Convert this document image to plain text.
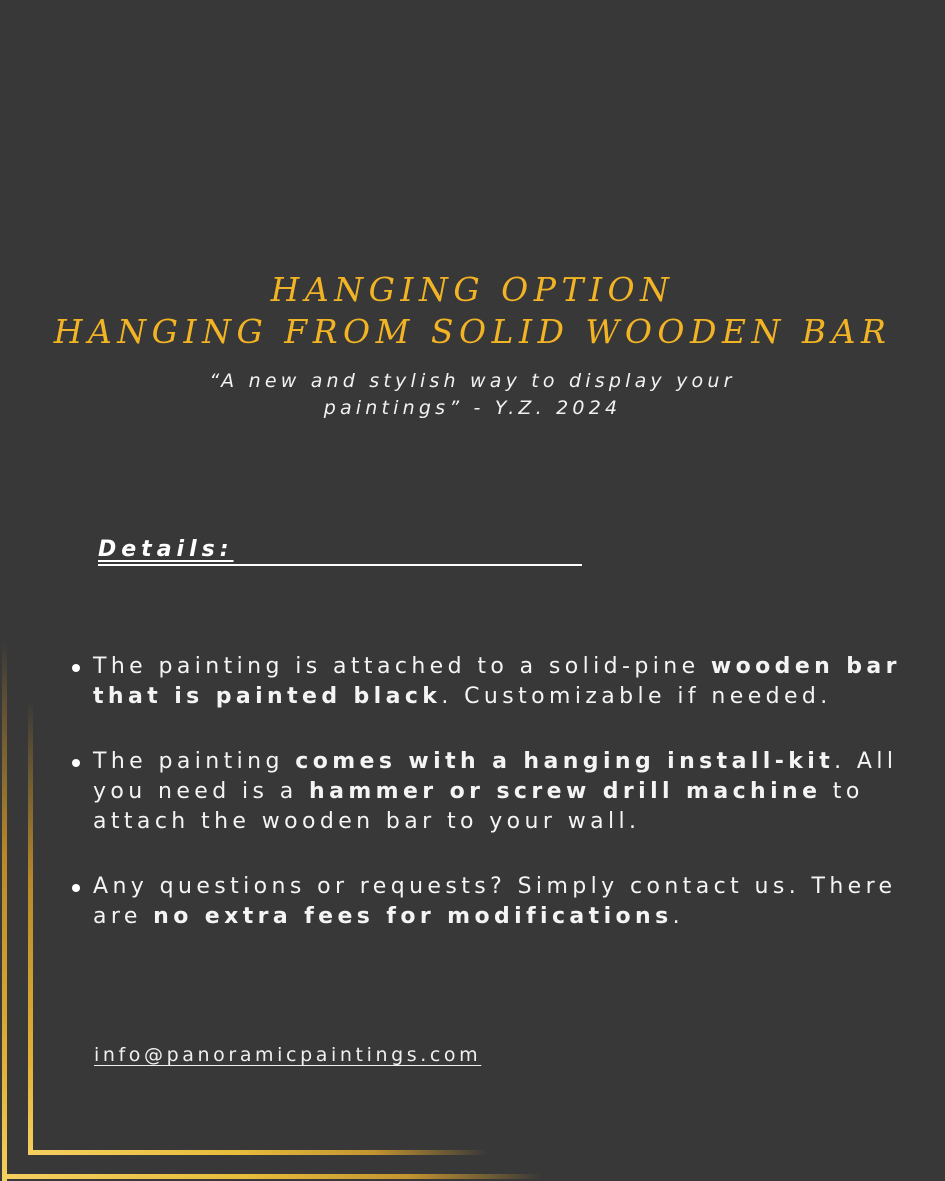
HANGING OPTION
HANGING FROM SOLID WOODEN BAR

“A new and stylish way to display your
paintings” - Y.Z. 2024

Details:
The painting is attached to a solid-pine wooden bar that is painted black. Customizable if needed.
The painting comes with a hanging install-kit. All you need is a hammer or screw drill machine to attach the wooden bar to your wall.
Any questions or requests? Simply contact us. There are no extra fees for modifications.
info@panoramicpaintings.com
